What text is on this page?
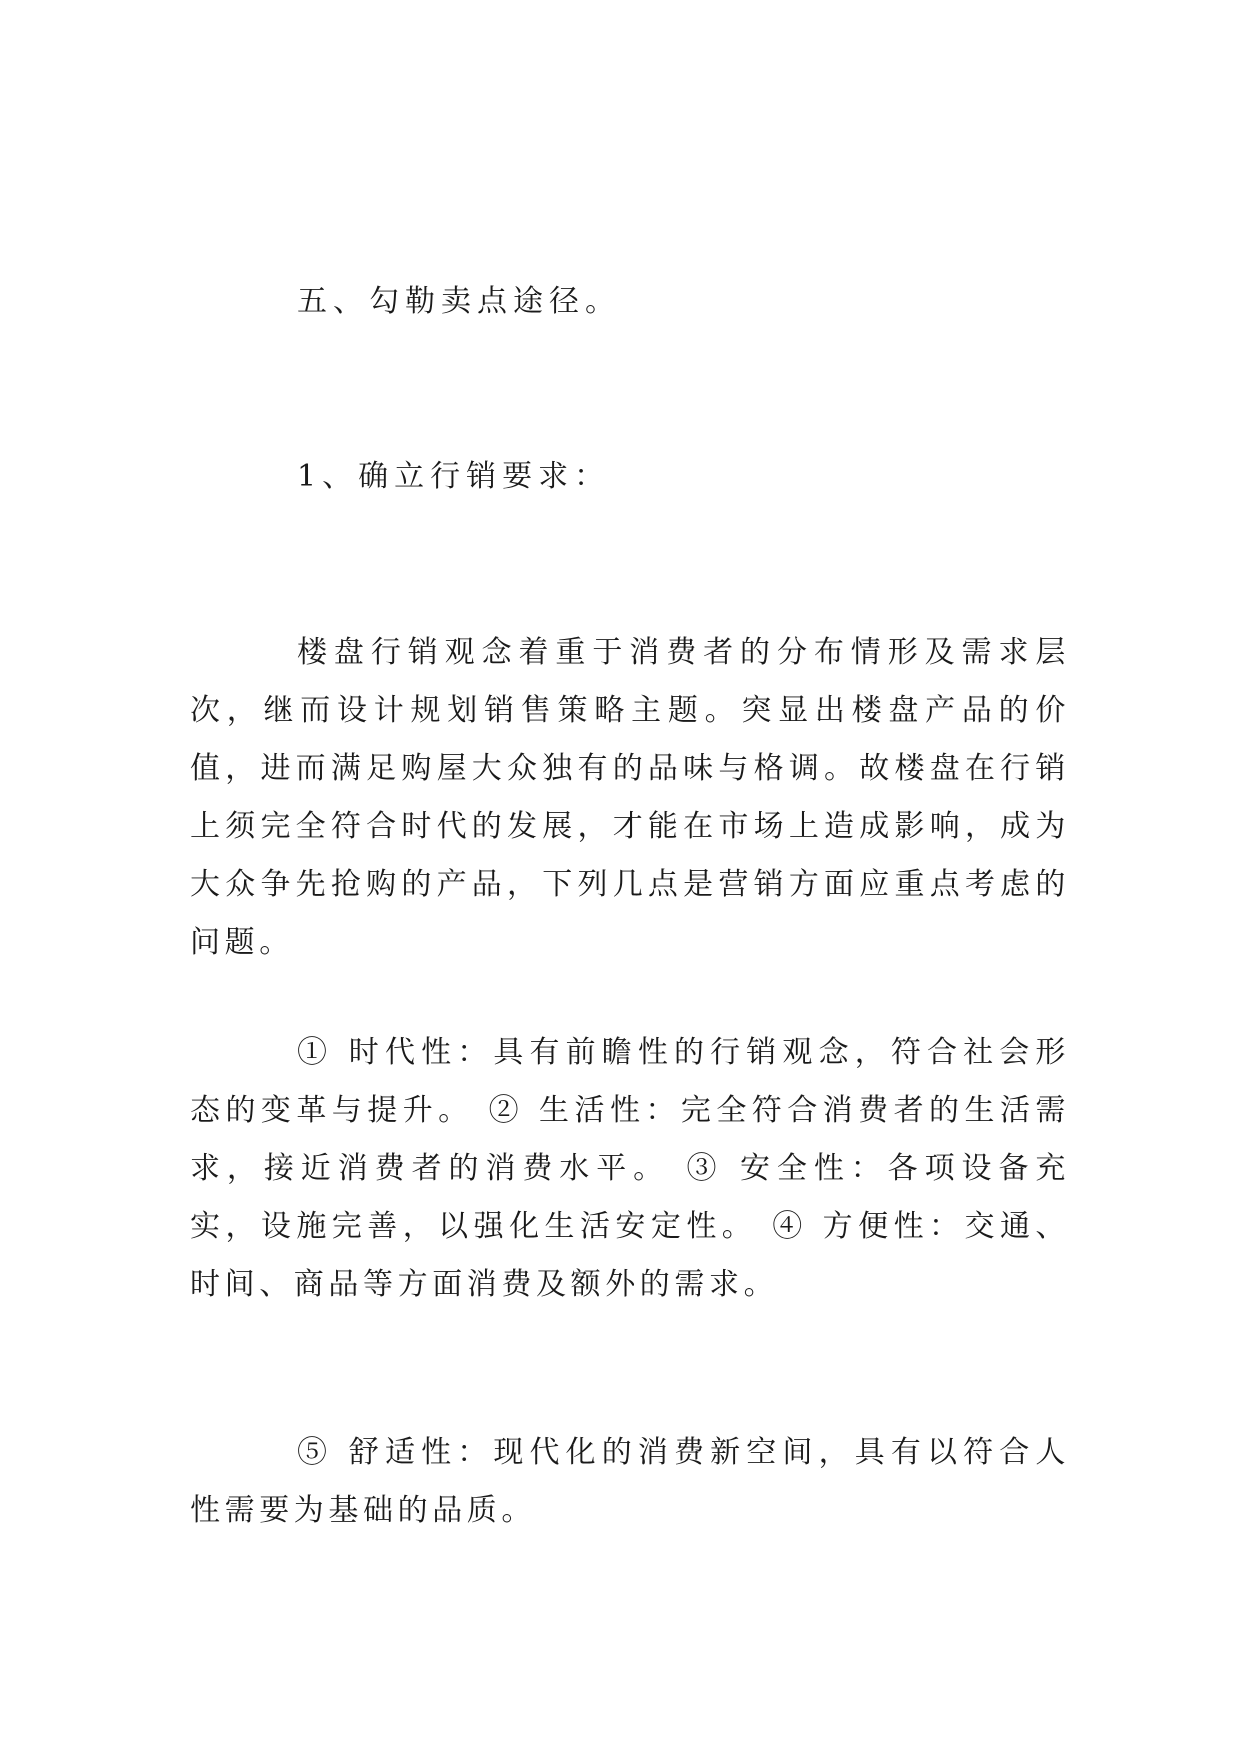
五、勾勒卖点途径。
1、确立行销要求：

楼盘行销观念着重于消费者的分布情形及需求层次，继而设计规划销售策略主题。突显出楼盘产品的价值，进而满足购屋大众独有的品味与格调。故楼盘在行销上须完全符合时代的发展，才能在市场上造成影响，成为大众争先抢购的产品，下列几点是营销方面应重点考虑的问题。

① 时代性：具有前瞻性的行销观念，符合社会形态的变革与提升。 ② 生活性：完全符合消费者的生活需求，接近消费者的消费水平。 ③ 安全性：各项设备充实，设施完善，以强化生活安定性。 ④ 方便性：交通、时间、商品等方面消费及额外的需求。

⑤ 舒适性：现代化的消费新空间，具有以符合人性需要为基础的品质。
